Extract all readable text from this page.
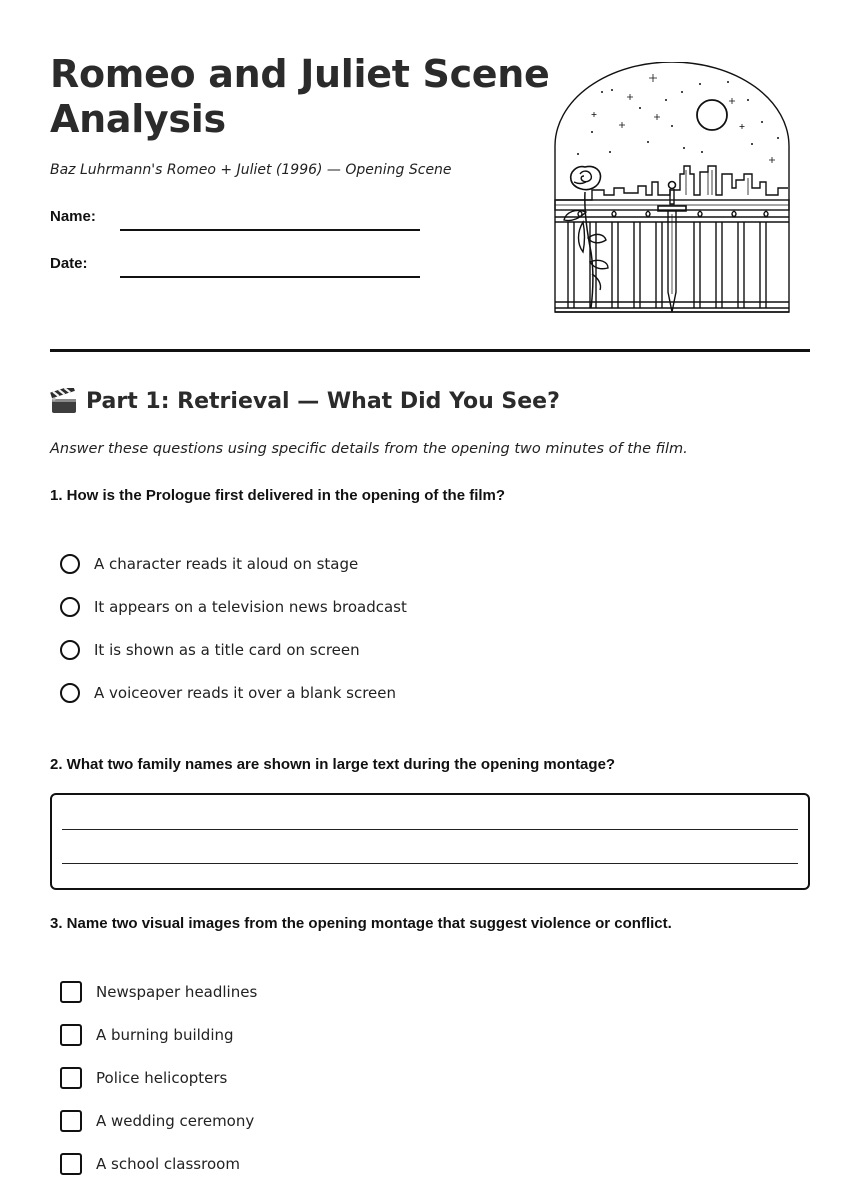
Romeo and Juliet Scene Analysis

Baz Luhrmann's Romeo + Juliet (1996) — Opening Scene

Name:
Date:
Part 1: Retrieval — What Did You See?

Answer these questions using specific details from the opening two minutes of the film.

1. How is the Prologue first delivered in the opening of the film?

A character reads it aloud on stage
It appears on a television news broadcast
It is shown as a title card on screen
A voiceover reads it over a blank screen

2. What two family names are shown in large text during the opening montage?

3. Name two visual images from the opening montage that suggest violence or conflict.

Newspaper headlines
A burning building
Police helicopters
A wedding ceremony
A school classroom
